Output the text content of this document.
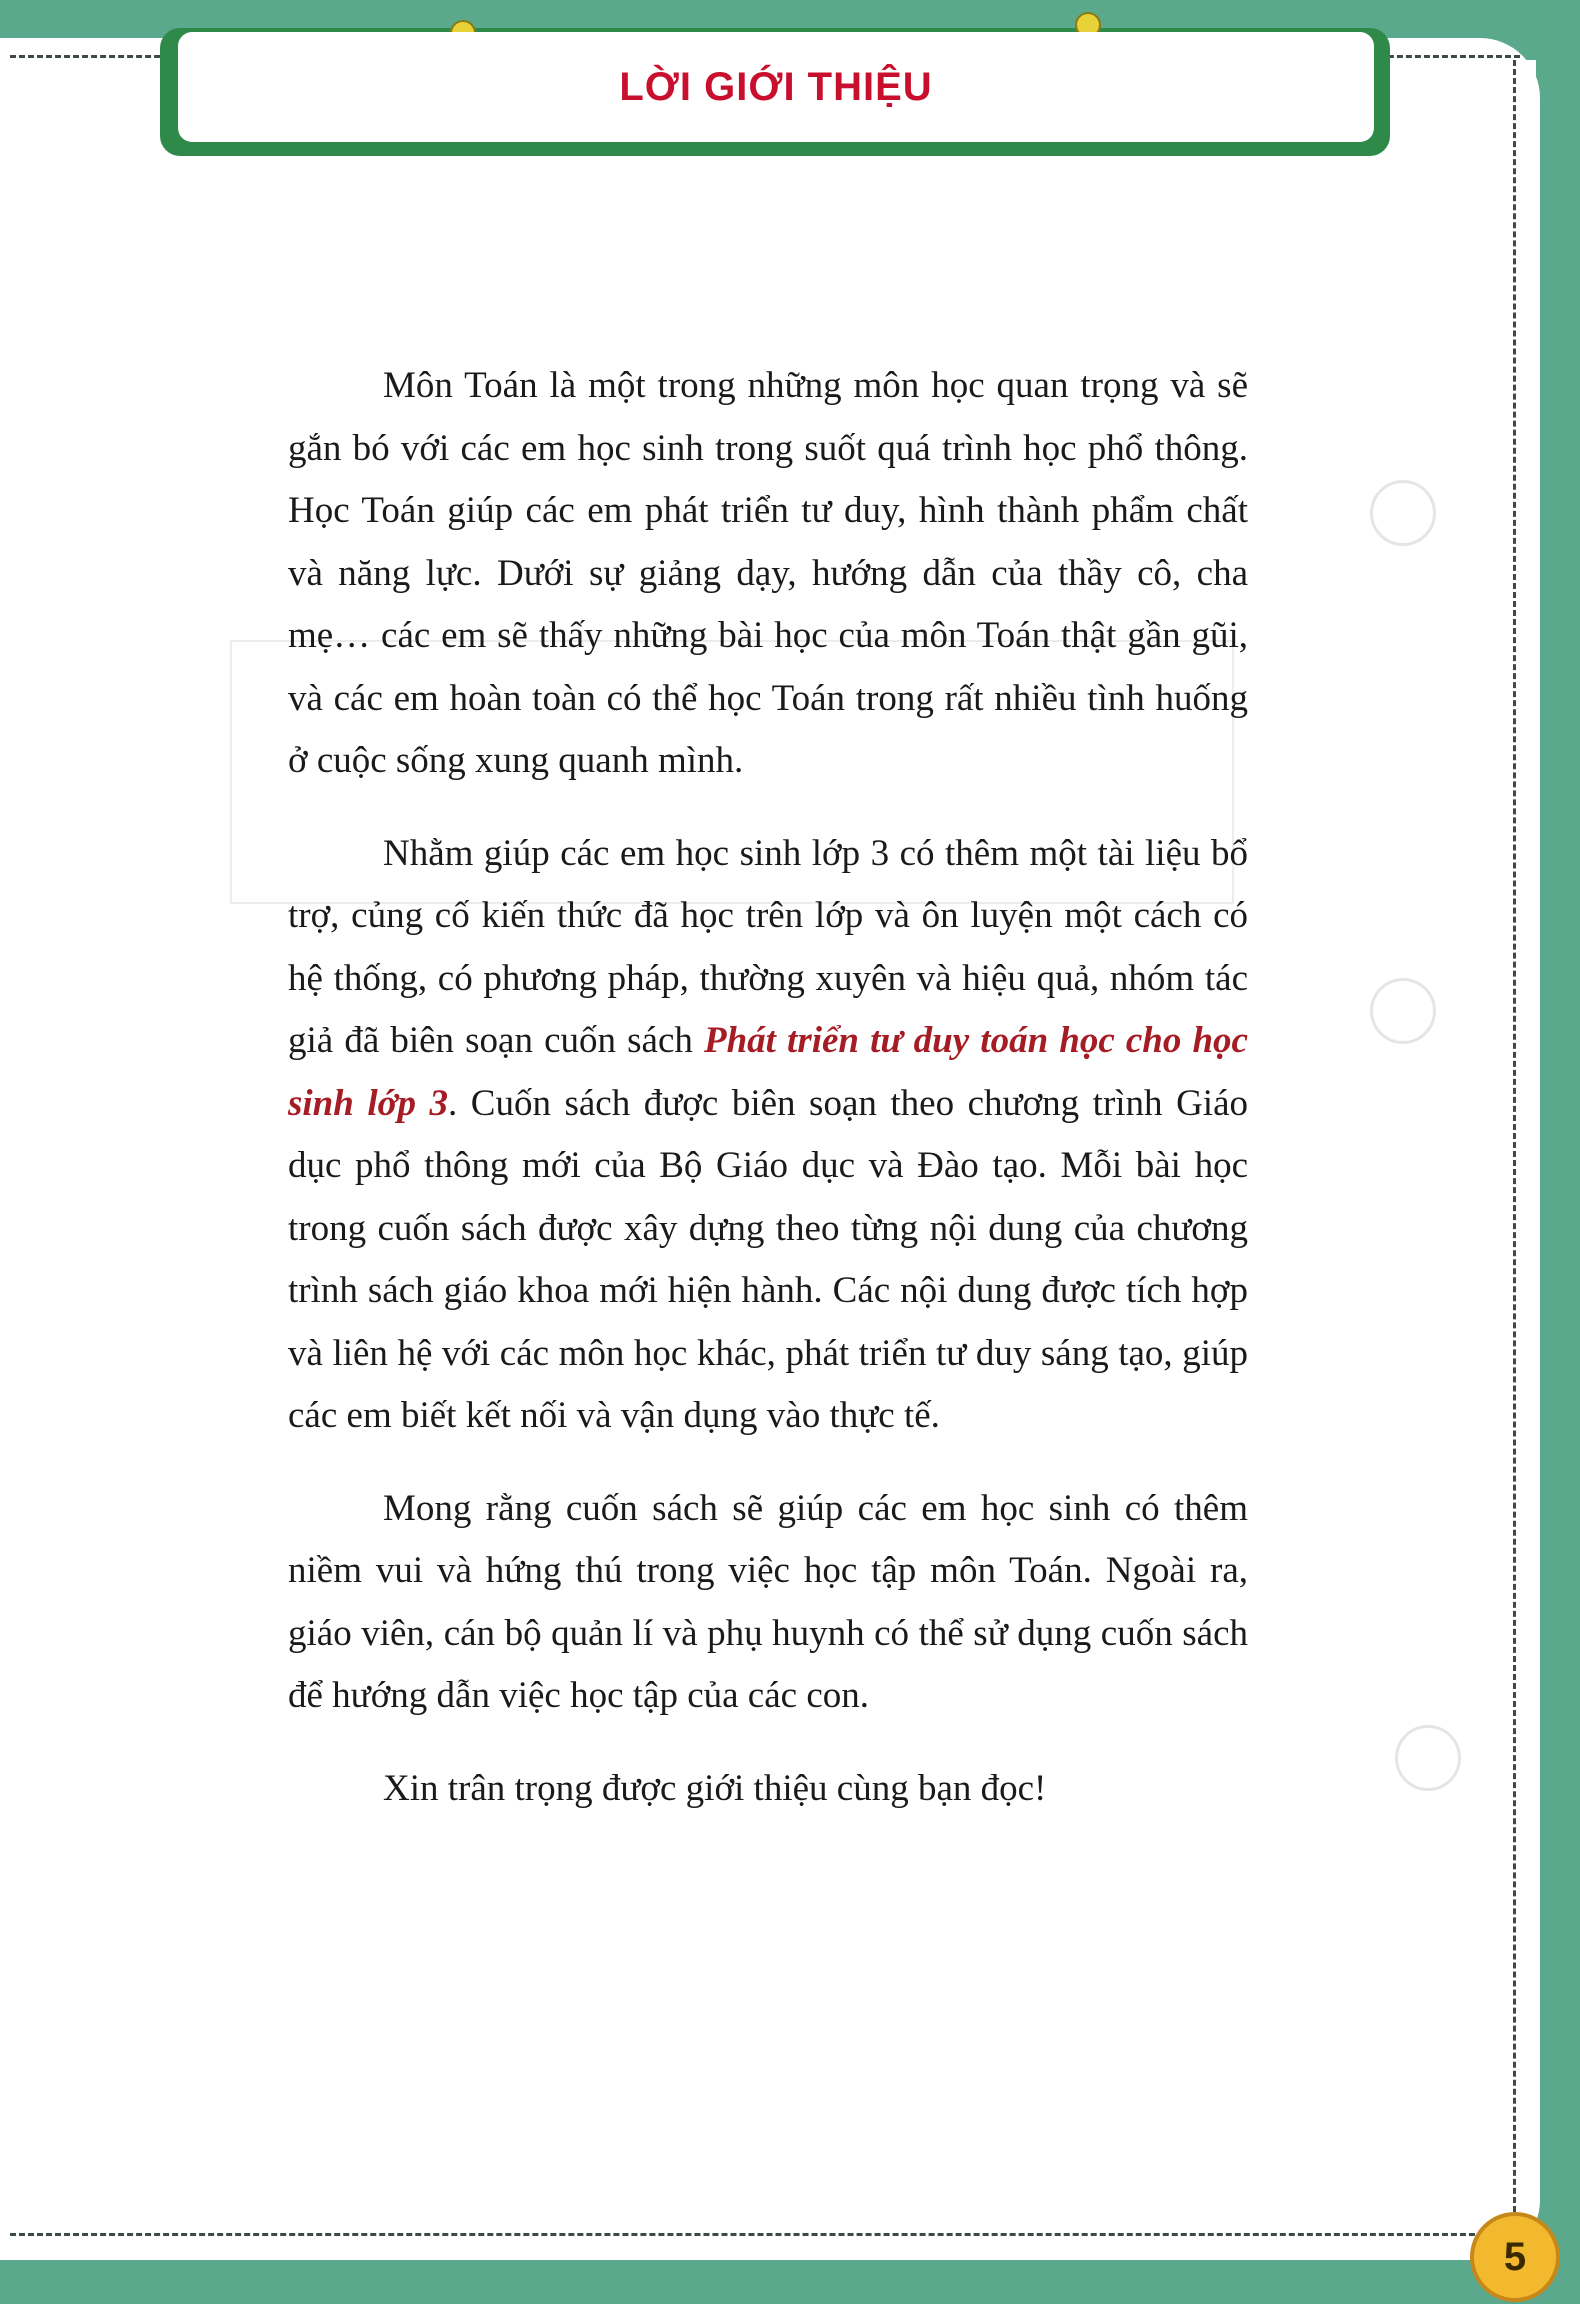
LỜI GIỚI THIỆU

Môn Toán là một trong những môn học quan trọng và sẽ gắn bó với các em học sinh trong suốt quá trình học phổ thông. Học Toán giúp các em phát triển tư duy, hình thành phẩm chất và năng lực. Dưới sự giảng dạy, hướng dẫn của thầy cô, cha mẹ… các em sẽ thấy những bài học của môn Toán thật gần gũi, và các em hoàn toàn có thể học Toán trong rất nhiều tình huống ở cuộc sống xung quanh mình.

Nhằm giúp các em học sinh lớp 3 có thêm một tài liệu bổ trợ, củng cố kiến thức đã học trên lớp và ôn luyện một cách có hệ thống, có phương pháp, thường xuyên và hiệu quả, nhóm tác giả đã biên soạn cuốn sách Phát triển tư duy toán học cho học sinh lớp 3. Cuốn sách được biên soạn theo chương trình Giáo dục phổ thông mới của Bộ Giáo dục và Đào tạo. Mỗi bài học trong cuốn sách được xây dựng theo từng nội dung của chương trình sách giáo khoa mới hiện hành. Các nội dung được tích hợp và liên hệ với các môn học khác, phát triển tư duy sáng tạo, giúp các em biết kết nối và vận dụng vào thực tế.

Mong rằng cuốn sách sẽ giúp các em học sinh có thêm niềm vui và hứng thú trong việc học tập môn Toán. Ngoài ra, giáo viên, cán bộ quản lí và phụ huynh có thể sử dụng cuốn sách để hướng dẫn việc học tập của các con.

Xin trân trọng được giới thiệu cùng bạn đọc!

5
